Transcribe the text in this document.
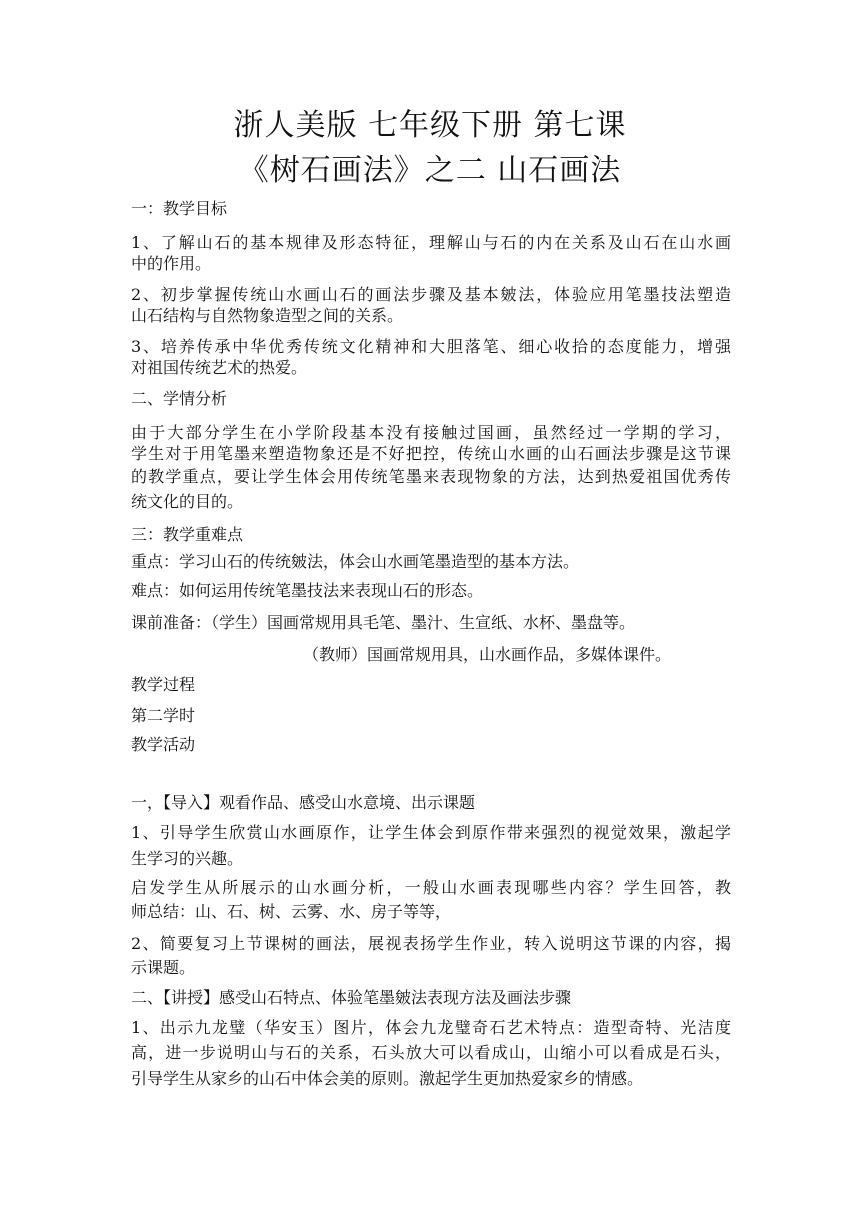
浙人美版 七年级下册 第七课
《树石画法》之二 山石画法
一：教学目标
1、了解山石的基本规律及形态特征，理解山与石的内在关系及山石在山水画
中的作用。
2、初步掌握传统山水画山石的画法步骤及基本皴法，体验应用笔墨技法塑造
山石结构与自然物象造型之间的关系。
3、培养传承中华优秀传统文化精神和大胆落笔、细心收拾的态度能力，增强
对祖国传统艺术的热爱。
二、学情分析
由于大部分学生在小学阶段基本没有接触过国画，虽然经过一学期的学习，
学生对于用笔墨来塑造物象还是不好把控，传统山水画的山石画法步骤是这节课
的教学重点，要让学生体会用传统笔墨来表现物象的方法，达到热爱祖国优秀传
统文化的目的。
三：教学重难点
重点：学习山石的传统皴法，体会山水画笔墨造型的基本方法。
难点：如何运用传统笔墨技法来表现山石的形态。
课前准备：（学生）国画常规用具毛笔、墨汁、生宣纸、水杯、墨盘等。
（教师）国画常规用具，山水画作品，多媒体课件。
教学过程
第二学时
教学活动
一，【导入】观看作品、感受山水意境、出示课题
1、引导学生欣赏山水画原作，让学生体会到原作带来强烈的视觉效果，激起学
生学习的兴趣。
启发学生从所展示的山水画分析，一般山水画表现哪些内容？学生回答，教
师总结：山、石、树、云雾、水、房子等等，
2、简要复习上节课树的画法，展视表扬学生作业，转入说明这节课的内容，揭
示课题。
二、【讲授】感受山石特点、体验笔墨皴法表现方法及画法步骤
1、出示九龙璧（华安玉）图片，体会九龙璧奇石艺术特点：造型奇特、光洁度
高，进一步说明山与石的关系，石头放大可以看成山，山缩小可以看成是石头，
引导学生从家乡的山石中体会美的原则。激起学生更加热爱家乡的情感。
